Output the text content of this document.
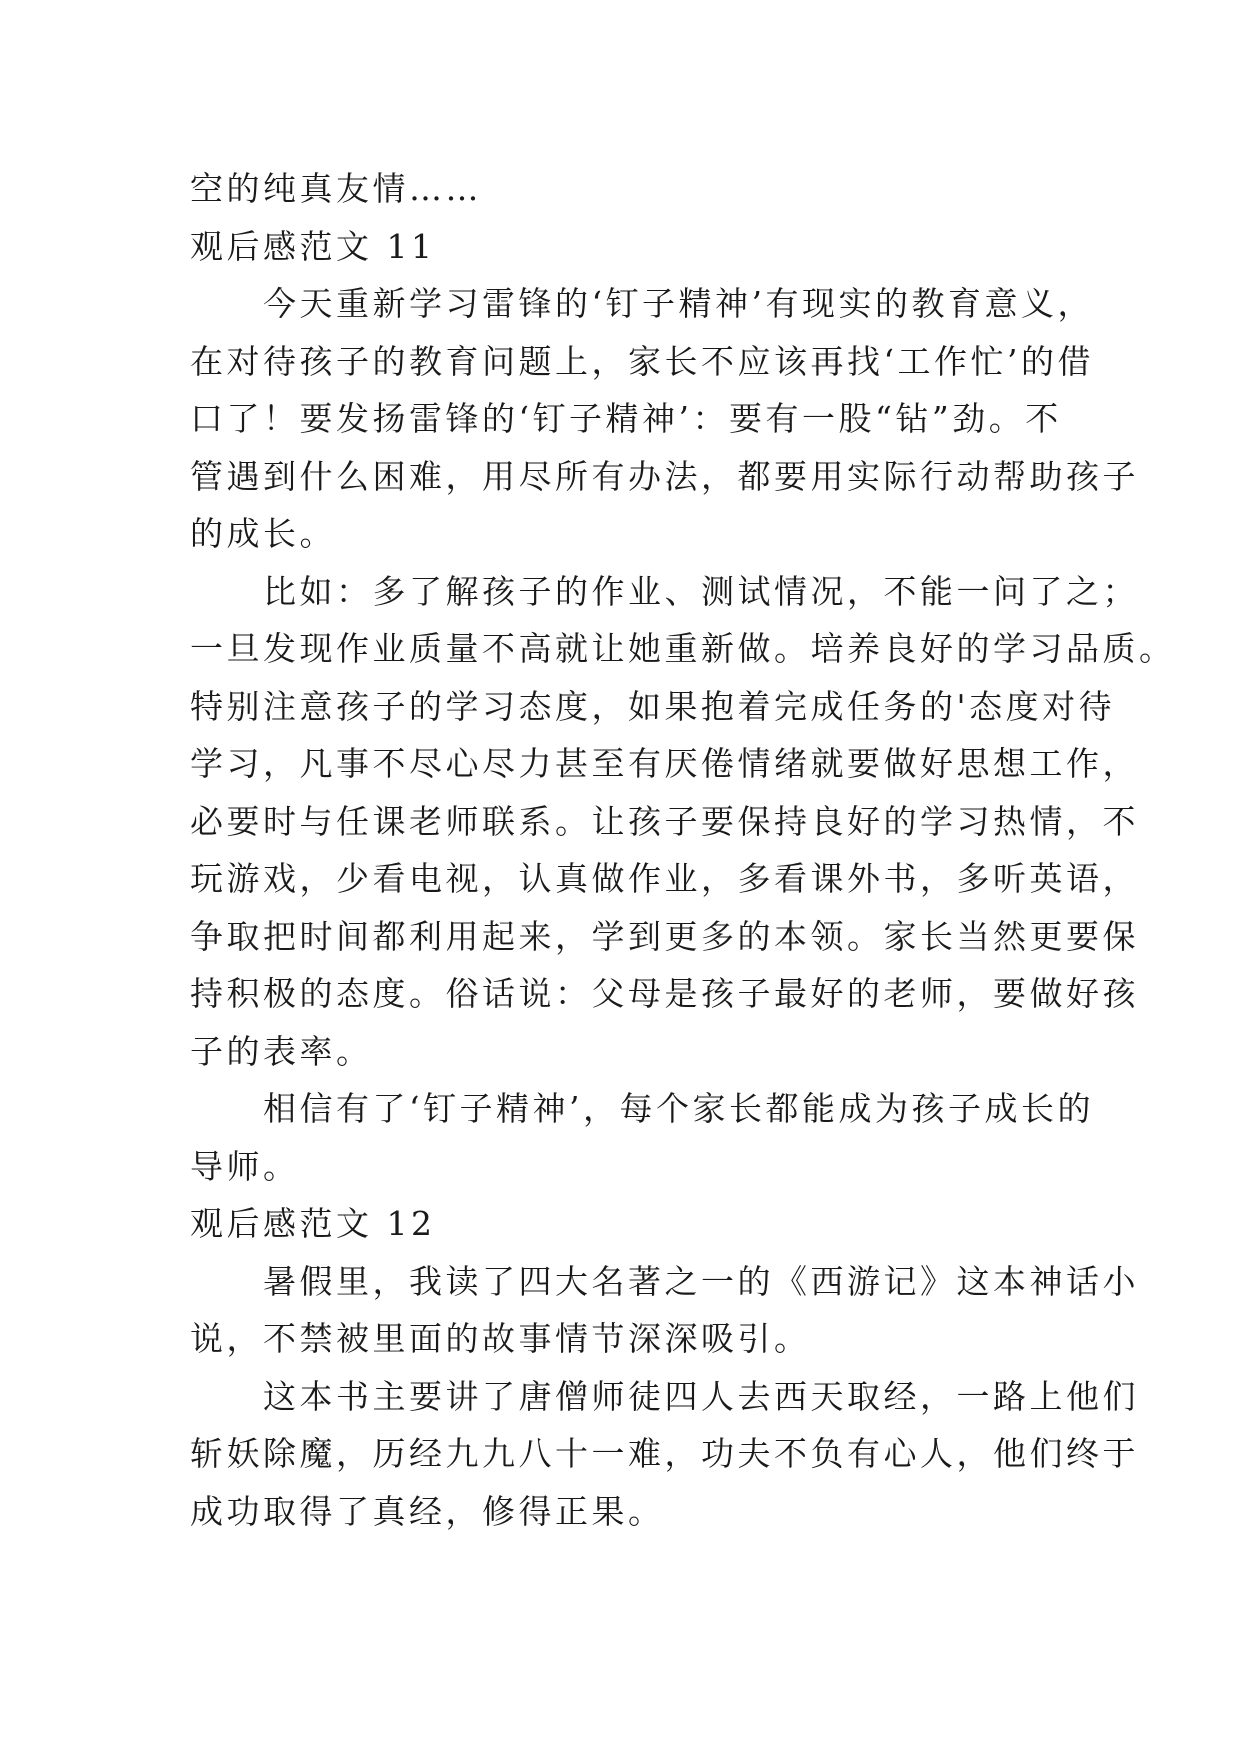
空的纯真友情……
观后感范文 11
　　今天重新学习雷锋的‘钉子精神’有现实的教育意义，
在对待孩子的教育问题上，家长不应该再找‘工作忙’的借
口了！要发扬雷锋的‘钉子精神’：要有一股“钻”劲。不
管遇到什么困难，用尽所有办法，都要用实际行动帮助孩子
的成长。
　　比如：多了解孩子的作业、测试情况，不能一问了之；
一旦发现作业质量不高就让她重新做。培养良好的学习品质。
特别注意孩子的学习态度，如果抱着完成任务的'态度对待
学习，凡事不尽心尽力甚至有厌倦情绪就要做好思想工作，
必要时与任课老师联系。让孩子要保持良好的学习热情，不
玩游戏，少看电视，认真做作业，多看课外书，多听英语，
争取把时间都利用起来，学到更多的本领。家长当然更要保
持积极的态度。俗话说：父母是孩子最好的老师，要做好孩
子的表率。
　　相信有了‘钉子精神’，每个家长都能成为孩子成长的
导师。
观后感范文 12
　　暑假里，我读了四大名著之一的《西游记》这本神话小
说，不禁被里面的故事情节深深吸引。
　　这本书主要讲了唐僧师徒四人去西天取经，一路上他们
斩妖除魔，历经九九八十一难，功夫不负有心人，他们终于
成功取得了真经，修得正果。
